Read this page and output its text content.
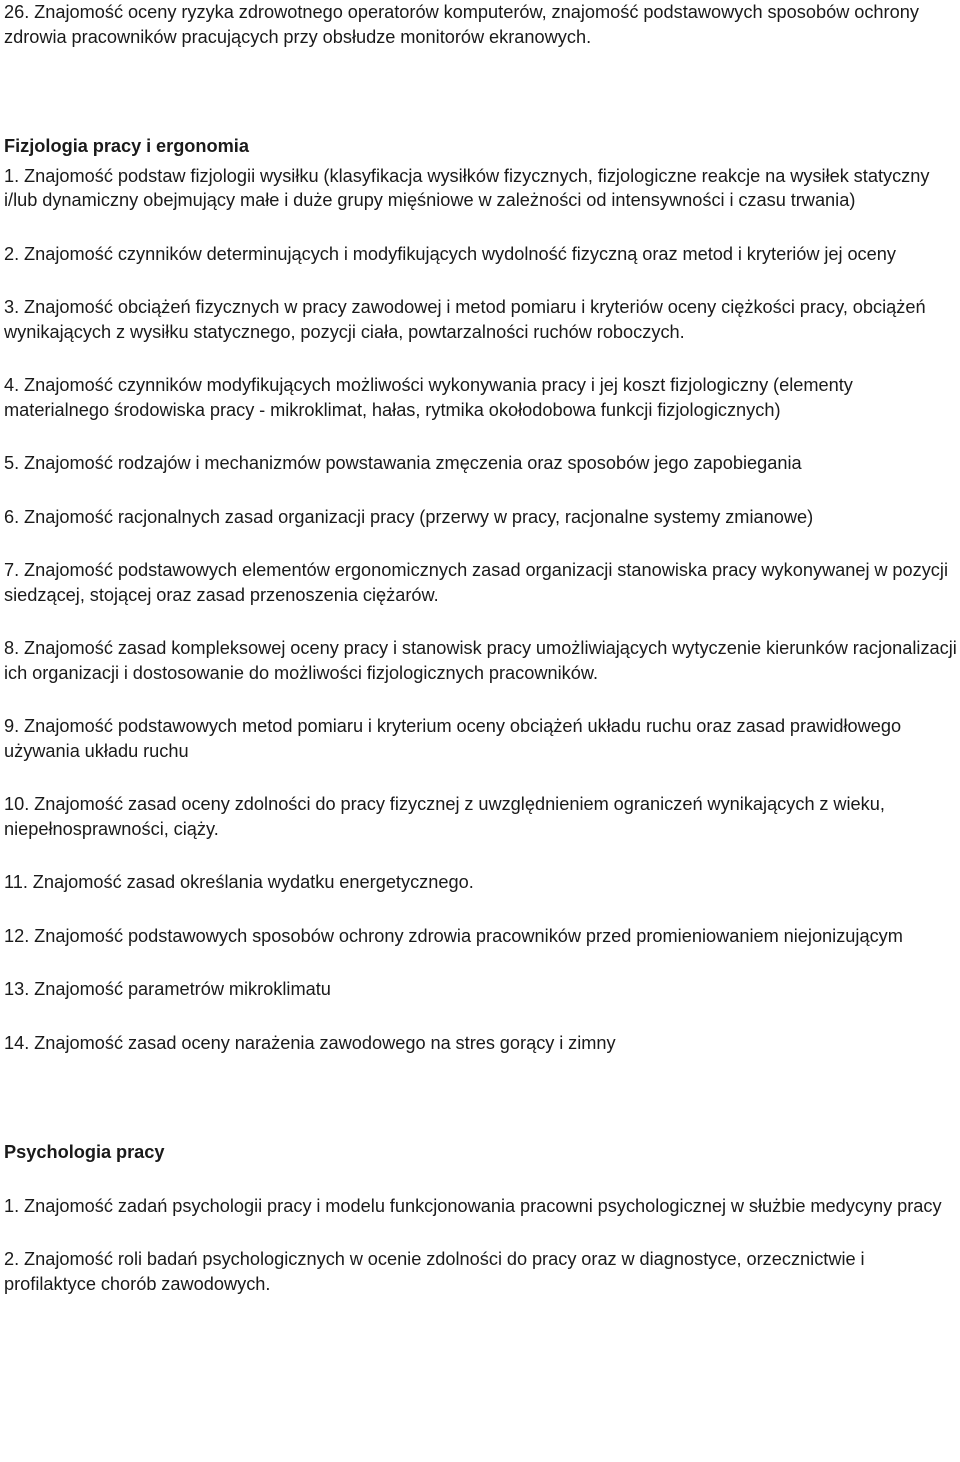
26. Znajomość oceny ryzyka zdrowotnego operatorów komputerów, znajomość podstawowych sposobów ochrony zdrowia pracowników pracujących przy obsłudze monitorów ekranowych.

Fizjologia pracy i ergonomia

1. Znajomość podstaw fizjologii wysiłku (klasyfikacja wysiłków fizycznych, fizjologiczne reakcje na wysiłek statyczny i/lub dynamiczny obejmujący małe i duże grupy mięśniowe w zależności od intensywności i czasu trwania)

2. Znajomość czynników determinujących i modyfikujących wydolność fizyczną oraz metod i kryteriów jej oceny

3. Znajomość obciążeń fizycznych w pracy zawodowej i metod pomiaru i kryteriów oceny ciężkości pracy, obciążeń wynikających z wysiłku statycznego, pozycji ciała, powtarzalności ruchów roboczych.

4. Znajomość czynników modyfikujących możliwości wykonywania pracy i jej koszt fizjologiczny (elementy materialnego środowiska pracy - mikroklimat, hałas, rytmika okołodobowa funkcji fizjologicznych)

5. Znajomość rodzajów i mechanizmów powstawania zmęczenia oraz sposobów jego zapobiegania

6. Znajomość racjonalnych zasad organizacji pracy (przerwy w pracy, racjonalne systemy zmianowe)

7. Znajomość podstawowych elementów ergonomicznych zasad organizacji stanowiska pracy wykonywanej w pozycji siedzącej, stojącej oraz zasad przenoszenia ciężarów.

8. Znajomość zasad kompleksowej oceny pracy i stanowisk pracy umożliwiających wytyczenie kierunków racjonalizacji ich organizacji i dostosowanie do możliwości fizjologicznych pracowników.

9. Znajomość podstawowych metod pomiaru i kryterium oceny obciążeń układu ruchu oraz zasad prawidłowego używania układu ruchu

10. Znajomość zasad oceny zdolności do pracy fizycznej z uwzględnieniem ograniczeń wynikających z wieku, niepełnosprawności, ciąży.

11. Znajomość zasad określania wydatku energetycznego.

12. Znajomość podstawowych sposobów ochrony zdrowia pracowników przed promieniowaniem niejonizującym

13. Znajomość parametrów mikroklimatu

14. Znajomość zasad oceny narażenia zawodowego na stres gorący i zimny

Psychologia pracy

1. Znajomość zadań psychologii pracy i modelu funkcjonowania pracowni psychologicznej w służbie medycyny pracy

2. Znajomość roli badań psychologicznych w ocenie zdolności do pracy oraz w diagnostyce, orzecznictwie i profilaktyce chorób zawodowych.
